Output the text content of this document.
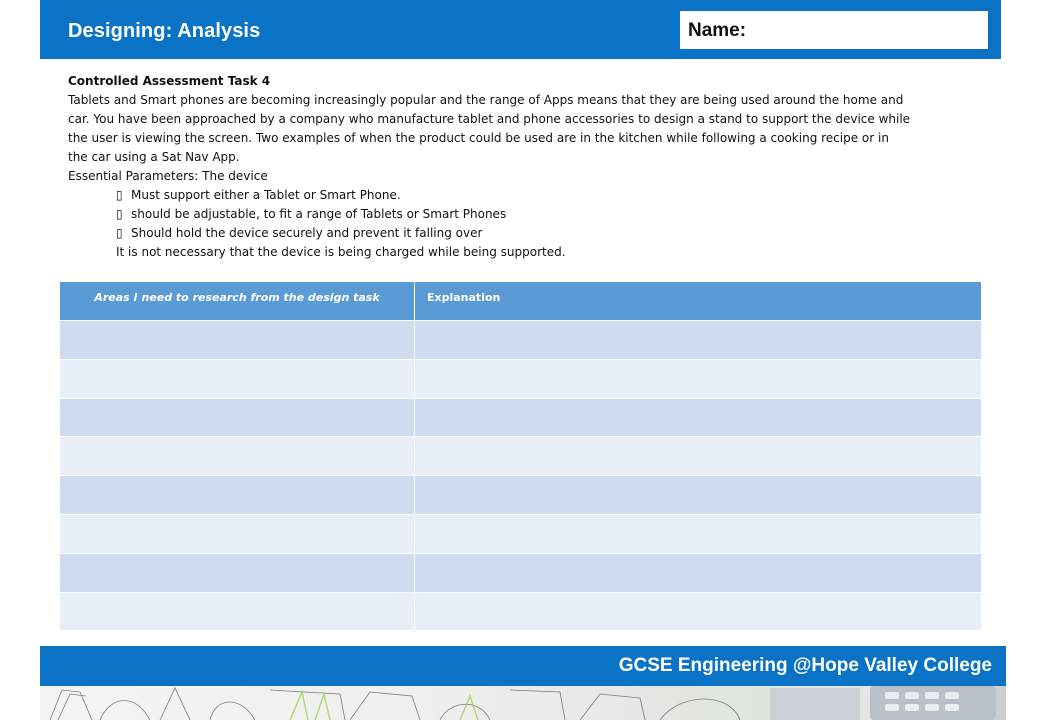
Designing: Analysis	Name:

Controlled Assessment Task 4

Tablets and Smart phones are becoming increasingly popular and the range of Apps means that they are being used around the home and

car. You have been approached by a company who manufacture tablet and phone accessories to design a stand to support the device while

the user is viewing the screen. Two examples of when the product could be used are in the kitchen while following a cooking recipe or in

the car using a Sat Nav App.

Essential Parameters: The device

▯ Must support either a Tablet or Smart Phone.

▯ should be adjustable, to fit a range of Tablets or Smart Phones

▯ Should hold the device securely and prevent it falling over

It is not necessary that the device is being charged while being supported.

Areas I need to research from the design task	Explanation

GCSE Engineering @Hope Valley College
